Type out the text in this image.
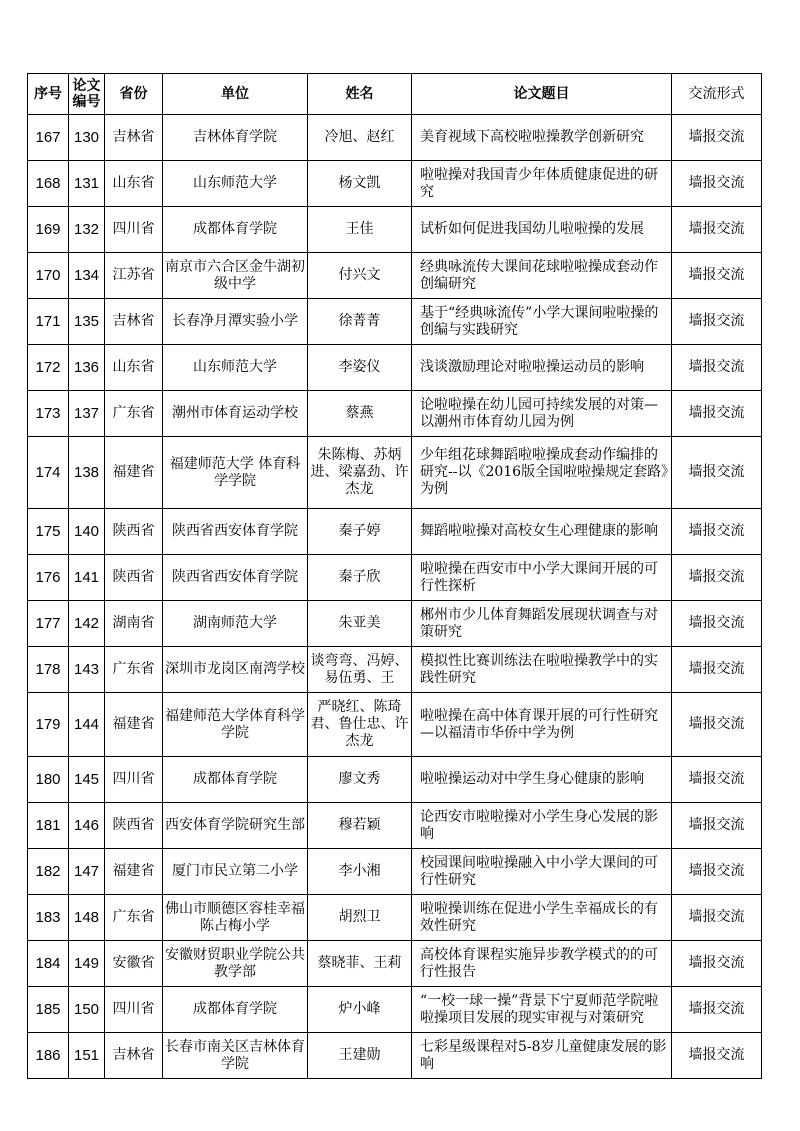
序号	论文编号	省份	单位	姓名	论文题目	交流形式
167	130	吉林省	吉林体育学院	冷旭、赵红	美育视域下高校啦啦操教学创新研究	墙报交流
168	131	山东省	山东师范大学	杨文凯	啦啦操对我国青少年体质健康促进的研究	墙报交流
169	132	四川省	成都体育学院	王佳	试析如何促进我国幼儿啦啦操的发展	墙报交流
170	134	江苏省	南京市六合区金牛湖初级中学	付兴文	经典咏流传大课间花球啦啦操成套动作创编研究	墙报交流
171	135	吉林省	长春净月潭实验小学	徐菁菁	基于“经典咏流传”小学大课间啦啦操的创编与实践研究	墙报交流
172	136	山东省	山东师范大学	李姿仪	浅谈激励理论对啦啦操运动员的影响	墙报交流
173	137	广东省	潮州市体育运动学校	蔡燕	论啦啦操在幼儿园可持续发展的对策—以潮州市体育幼儿园为例	墙报交流
174	138	福建省	福建师范大学 体育科学学院	朱陈梅、苏炳进、梁嘉劲、许杰龙	少年组花球舞蹈啦啦操成套动作编排的研究--以《2016版全国啦啦操规定套路》为例	墙报交流
175	140	陕西省	陕西省西安体育学院	秦子婷	舞蹈啦啦操对高校女生心理健康的影响	墙报交流
176	141	陕西省	陕西省西安体育学院	秦子欣	啦啦操在西安市中小学大课间开展的可行性探析	墙报交流
177	142	湖南省	湖南师范大学	朱亚美	郴州市少儿体育舞蹈发展现状调查与对策研究	墙报交流
178	143	广东省	深圳市龙岗区南湾学校	谈弯弯、冯婷、易伍勇、王	模拟性比赛训练法在啦啦操教学中的实践性研究	墙报交流
179	144	福建省	福建师范大学体育科学学院	严晓红、陈琦君、鲁仕忠、许杰龙	啦啦操在高中体育课开展的可行性研究—以福清市华侨中学为例	墙报交流
180	145	四川省	成都体育学院	廖文秀	啦啦操运动对中学生身心健康的影响	墙报交流
181	146	陕西省	西安体育学院研究生部	穆若颖	论西安市啦啦操对小学生身心发展的影响	墙报交流
182	147	福建省	厦门市民立第二小学	李小湘	校园课间啦啦操融入中小学大课间的可行性研究	墙报交流
183	148	广东省	佛山市顺德区容桂幸福陈占梅小学	胡烈卫	啦啦操训练在促进小学生幸福成长的有效性研究	墙报交流
184	149	安徽省	安徽财贸职业学院公共教学部	蔡晓菲、王莉	高校体育课程实施异步教学模式的的可行性报告	墙报交流
185	150	四川省	成都体育学院	炉小峰	“一校一球一操”背景下宁夏师范学院啦啦操项目发展的现实审视与对策研究	墙报交流
186	151	吉林省	长春市南关区吉林体育学院	王建勋	七彩星级课程对5-8岁儿童健康发展的影响	墙报交流
